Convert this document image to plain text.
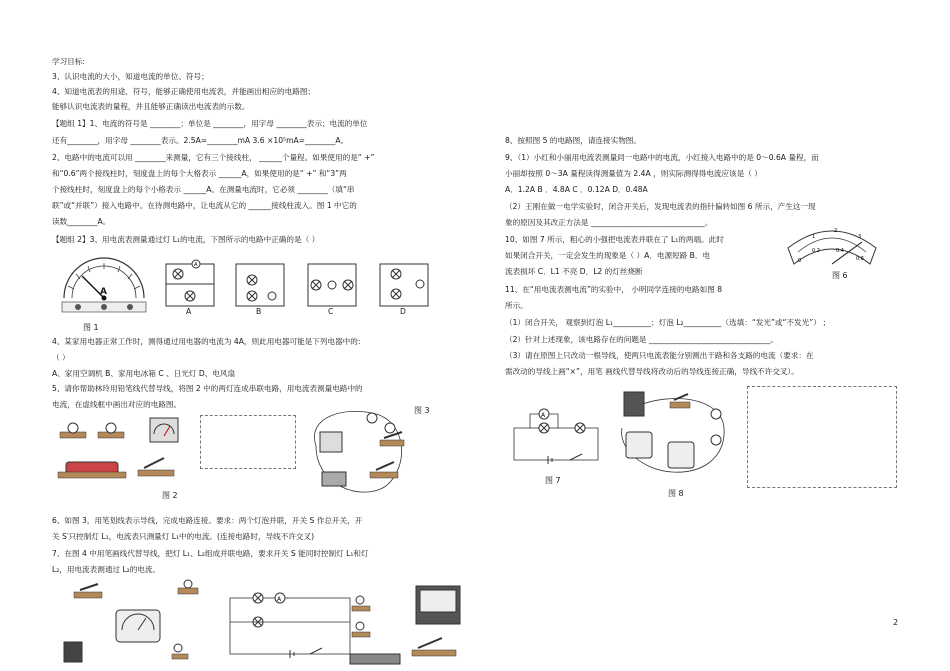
学习目标:
3、认识电流的大小，知道电流的单位、符号；
4、知道电流表的用途、符号，能够正确使用电流表，并能画出相应的电路图；
能够认识电流表的量程，并且能够正确读出电流表的示数。
【题组 1】1、电流的符号是 ________；单位是 ________，用字母 ________表示；电流的单位
还有________，用字母 ________表示。2.5A=________mA 3.6 ×10⁵mA=________A。
2、电路中的电流可以用 ________来测量，它有三个接线柱， ______个量程。如果使用的是“ +”
和“0.6”两个接线柱时，刻度盘上的每个大格表示 ______A，如果使用的是“ +” 和“3”两
个接线柱时，刻度盘上的每个小格表示 ______A。在测量电流时，它必须 ________（填“串
联”或“并联”）接入电路中。在待测电路中，让电流从它的 ______接线柱流入。图 1 中它的
读数________A。
【题组 2】3、用电流表测量通过灯 L₁的电流，下图所示的电路中正确的是（ ）
A
图 1
A
A	B	C	D
4、某家用电器正常工作时，测得通过用电器的电流为 4A，则此用电器可能是下列电器中的:
（ ）
A、家用空调机 B、家用电冰箱 C 、日光灯 D、电风扇
5、请你帮助林玲用铅笔线代替导线，将图 2 中的两灯连成串联电路，用电流表测量电路中的
电流，在虚线框中画出对应的电路图。
图 2
图 3
6、如图 3，用笔划线表示导线，完成电路连接。要求：两个灯泡并联，开关 S 作总开关，开
关 S′只控制灯 L₁，电流表只测量灯 L₁中的电流。(连接电路时，导线不许交叉)
7、在图 4 中用笔画线代替导线，把灯 L₁、L₂组成并联电路，要求开关 S 能同时控制灯 L₁和灯
L₂，用电流表测通过 L₂的电流。
A
8、按照图 5 的电路图，请连接实物图。
9、（1）小红和小丽用电流表测量同一电路中的电流，小红接入电路中的是 0～0.6A 量程，而
小丽却按照 0～3A 量程读得测量值为 2.4A ，则实际测得得电流应该是（ ）
A．1.2A B ．4.8A C ．0.12A D．0.48A
（2）王刚在做一电学实验时，闭合开关后，发现电流表的指针偏转如图 6 所示，产生这一现
象的原因及其改正方法是 ______________________________。
10、如图 7 所示，粗心的小强把电流表并联在了 L₁的两端。此时
如果闭合开关，一定会发生的现象是（ ）A．电源短路 B．电
流表损坏 C．L1 不亮 D．L2 的灯丝烧断
0
0.2	0.4
0.6
1
2
3
图 6
11、在“用电流表测电流”的实验中， 小明同学连接的电路如图 8
所示。
（1）闭合开关， 观察到灯泡 L₁__________；灯泡 L₂__________（选填：“发光”或“不发光”） ;
（2）针对上述现象，该电路存在的问题是 ________________________________。
（3）请在原图上只改动一根导线，使两只电流表能分别测出干路和各支路的电流（要求：在
需改动的导线上画“×”，用笔 画线代替导线将改动后的导线连接正确，导线不许交叉）。
A
图 7
图 8
2
